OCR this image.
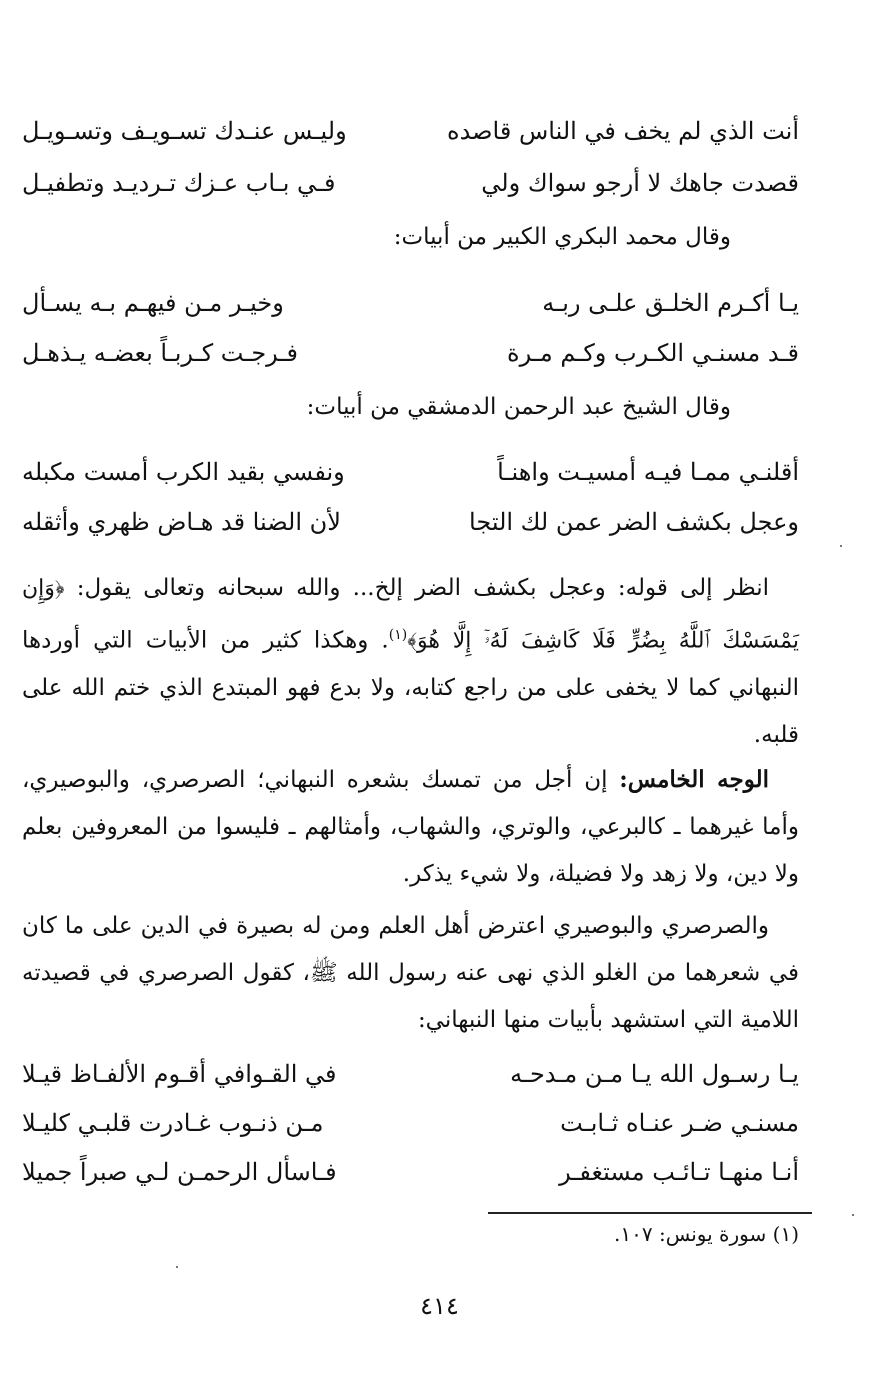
أنت الذي لم يخف في الناس قاصده
وليـس عنـدك تسـويـف وتسـويـل
قصدت جاهك لا أرجو سواك ولي
فـي بـاب عـزك تـرديـد وتطفيـل
وقال محمد البكري الكبير من أبيات:
يـا أكـرم الخلـق علـى ربـه
وخيـر مـن فيهـم بـه يسـأل
قـد مسنـي الكـرب وكـم مـرة
فـرجـت كـربـاً بعضـه يـذهـل
وقال الشيخ عبد الرحمن الدمشقي من أبيات:
أقلنـي ممـا فيـه أمسيـت واهنـاً
ونفسي بقيد الكرب أمست مكبله
وعجل بكشف الضر عمن لك التجا
لأن الضنا قد هـاض ظهري وأثقله

انظر إلى قوله: وعجل بكشف الضر إلخ... والله سبحانه وتعالى يقول: ﴿وَإِن يَمْسَسْكَ ٱللَّهُ بِضُرٍّ فَلَا كَاشِفَ لَهُۥٓ إِلَّا هُوَ﴾$^{(١)}$. وهكذا كثير من الأبيات التي أوردها النبهاني كما لا يخفى على من راجع كتابه، ولا بدع فهو المبتدع الذي ختم الله على قلبه.

الوجه الخامس: إن أجل من تمسك بشعره النبهاني؛ الصرصري، والبوصيري، وأما غيرهما ـ كالبرعي، والوتري، والشهاب، وأمثالهم ـ فليسوا من المعروفين بعلم ولا دين، ولا زهد ولا فضيلة، ولا شيء يذكر.

والصرصري والبوصيري اعترض أهل العلم ومن له بصيرة في الدين على ما كان في شعرهما من الغلو الذي نهى عنه رسول الله ﷺ، كقول الصرصري في قصيدته اللامية التي استشهد بأبيات منها النبهاني:

يـا رسـول الله يـا مـن مـدحـه
في القـوافي أقـوم الألفـاظ قيـلا
مسنـي ضـر عنـاه ثـابـت
مـن ذنـوب غـادرت قلبـي كليـلا
أنـا منهـا تـائـب مستغفـر
فـاسأل الرحمـن لـي صبراً جميلا
(١) سورة يونس: ١٠٧.
٤١٤
